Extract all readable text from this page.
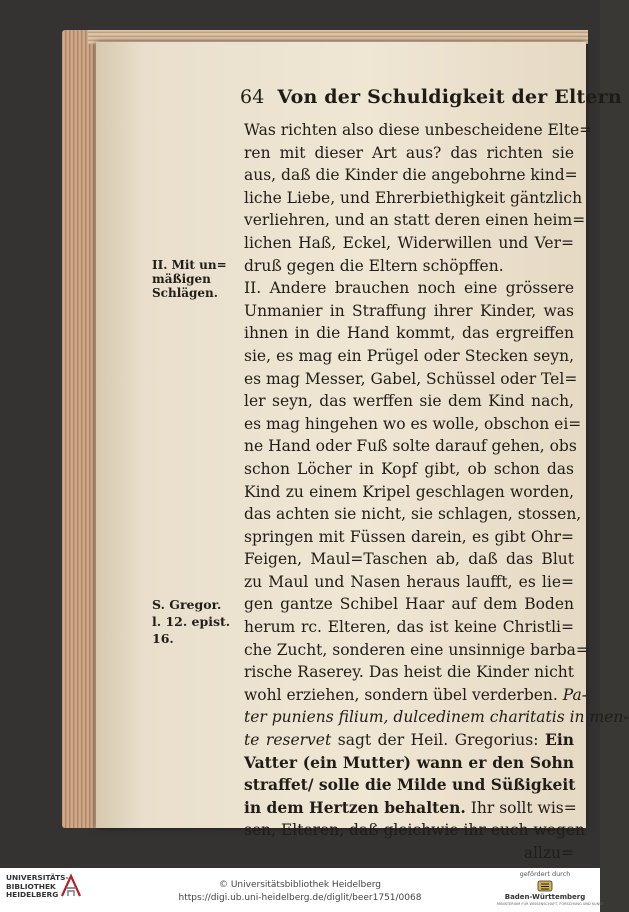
64 Von der Schuldigkeit der Eltern
II. Mit un=
mäßigen
Schlägen.
S. Gregor.
l. 12. epist.
16.
Was richten also diese unbescheidene Elte=
ren mit dieser Art aus? das richten sie
aus, daß die Kinder die angebohrne kind=
liche Liebe, und Ehrerbiethigkeit gäntzlich
verliehren, und an statt deren einen heim=
lichen Haß, Eckel, Widerwillen und Ver=
druß gegen die Eltern schöpffen.
II. Andere brauchen noch eine grössere
Unmanier in Straffung ihrer Kinder, was
ihnen in die Hand kommt, das ergreiffen
sie, es mag ein Prügel oder Stecken seyn,
es mag Messer, Gabel, Schüssel oder Tel=
ler seyn, das werffen sie dem Kind nach,
es mag hingehen wo es wolle, obschon ei=
ne Hand oder Fuß solte darauf gehen, obs
schon Löcher in Kopf gibt, ob schon das
Kind zu einem Kripel geschlagen worden,
das achten sie nicht, sie schlagen, stossen,
springen mit Füssen darein, es gibt Ohr=
Feigen, Maul=Taschen ab, daß das Blut
zu Maul und Nasen heraus laufft, es lie=
gen gantze Schibel Haar auf dem Boden
herum rc. Elteren, das ist keine Christli=
che Zucht, sonderen eine unsinnige barba=
rische Raserey. Das heist die Kinder nicht
wohl erziehen, sondern übel verderben. Pa-
ter puniens filium, dulcedinem charitatis in men-
te reservet sagt der Heil. Gregorius: Ein
Vatter (ein Mutter) wann er den Sohn
straffet/ solle die Milde und Süßigkeit
in dem Hertzen behalten. Ihr sollt wis=
sen, Elteren, daß gleichwie ihr euch wegen
allzu=
UNIVERSITÄTS-
BIBLIOTHEK
HEIDELBERG
© Universitätsbibliothek Heidelberg
https://digi.ub.uni-heidelberg.de/diglit/beer1751/0068
gefördert durch
Baden-Württemberg
MINISTERIUM FÜR WISSENSCHAFT, FORSCHUNG UND KUNST
